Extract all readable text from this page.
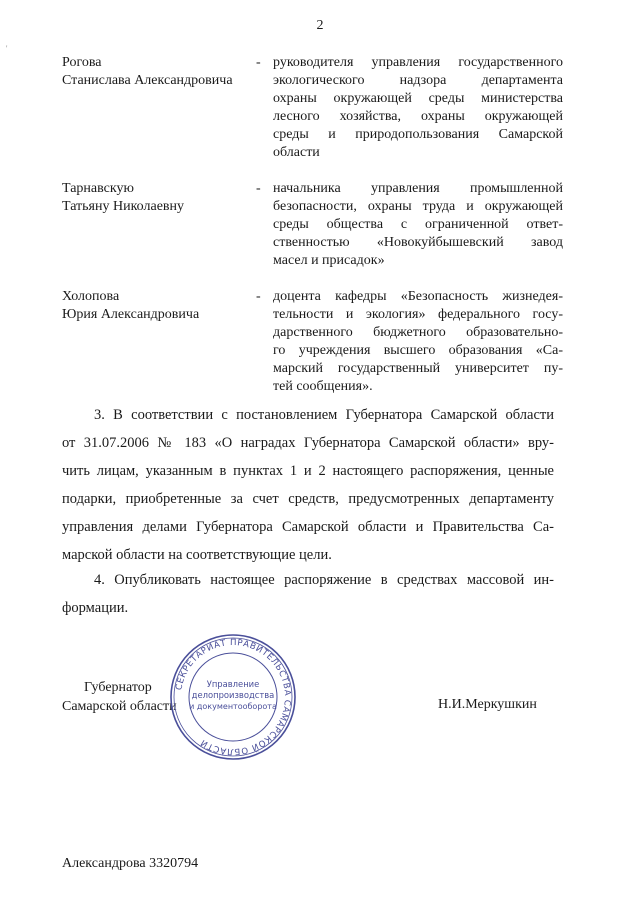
'
2
Рогова
Станислава Александровича
- руководителя управления государственного
экологического надзора департамента
охраны окружающей среды министерства
лесного хозяйства, охраны окружающей
среды и природопользования Самарской
области
Тарнавскую
Татьяну Николаевну
- начальника управления промышленной
безопасности, охраны труда и окружающей
среды общества с ограниченной ответ-
ственностью «Новокуйбышевский завод
масел и присадок»
Холопова
Юрия Александровича
- доцента кафедры «Безопасность жизнедея-
тельности и экология» федерального госу-
дарственного бюджетного образовательно-
го учреждения высшего образования «Са-
марский государственный университет пу-
тей сообщения».
3. В соответствии с постановлением Губернатора Самарской области
от 31.07.2006 № 183 «О наградах Губернатора Самарской области» вру-
чить лицам, указанным в пунктах 1 и 2 настоящего распоряжения, ценные
подарки, приобретенные за счет средств, предусмотренных департаменту
управления делами Губернатора Самарской области и Правительства Са-
марской области на соответствующие цели.
4. Опубликовать настоящее распоряжение в средствах массовой ин-
формации.
Губернатор
Самарской области
СЕКРЕТАРИАТ ПРАВИТЕЛЬСТВА САМАРСКОЙ ОБЛАСТИ
Управление
делопроизводства
и документооборота	Н.И.Меркушкин
Александрова 3320794
